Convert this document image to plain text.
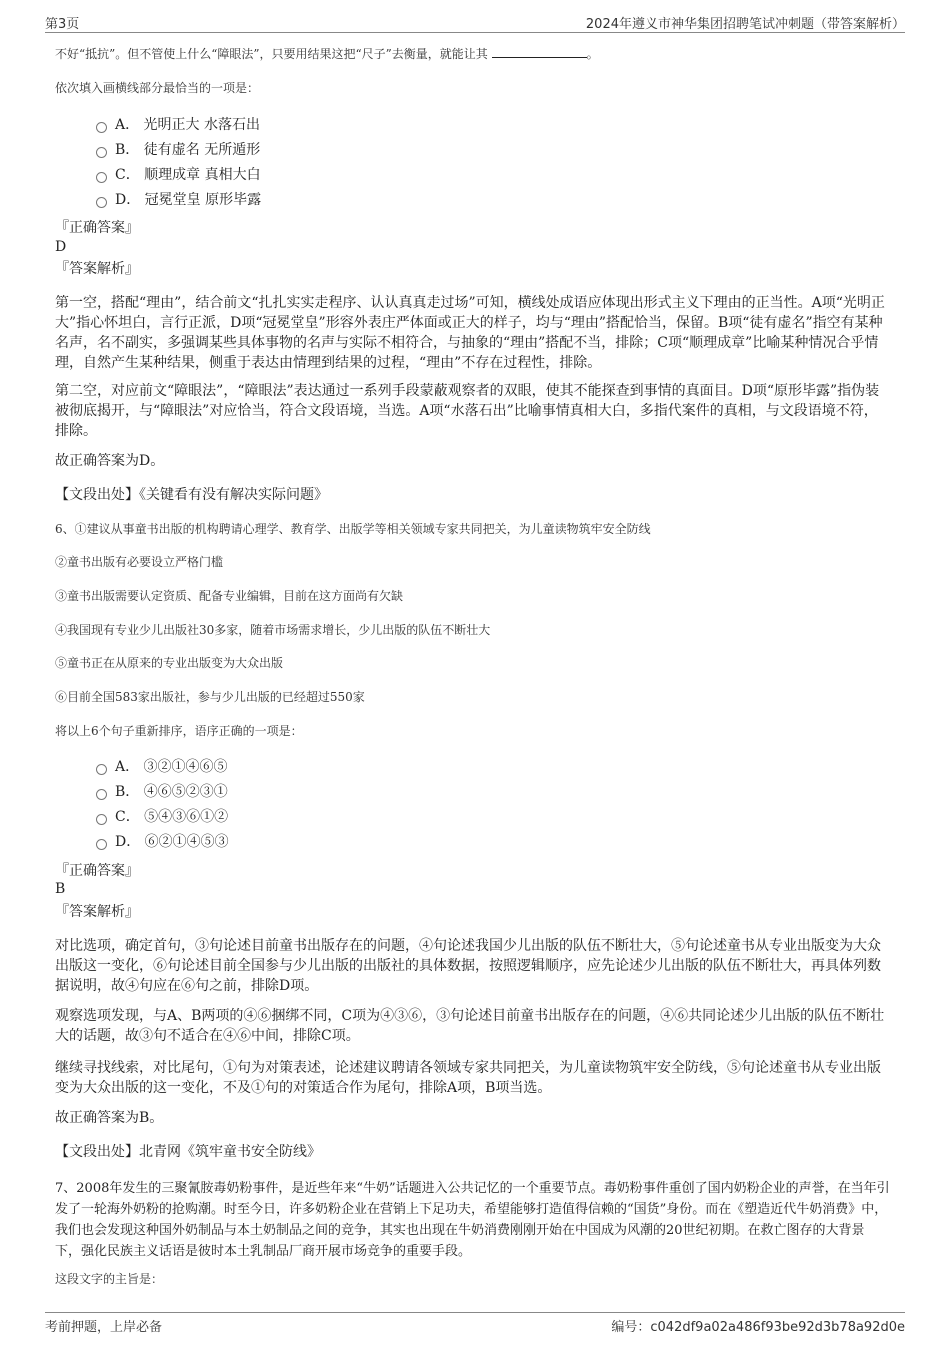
第3页	2024年遵义市神华集团招聘笔试冲刺题（带答案解析）
不好“抵抗”。但不管使上什么“障眼法”，只要用结果这把“尺子”去衡量，就能让其	。
依次填入画横线部分最恰当的一项是：
A． 光明正大 水落石出
B． 徒有虚名 无所遁形
C． 顺理成章 真相大白
D． 冠冕堂皇 原形毕露
『正确答案』
D
『答案解析』
第一空，搭配“理由”，结合前文“扎扎实实走程序、认认真真走过场”可知，横线处成语应体现出形式主义下理由的正当性。A项“光明正大”指心怀坦白，言行正派，D项“冠冕堂皇”形容外表庄严体面或正大的样子，均与“理由”搭配恰当，保留。B项“徒有虚名”指空有某种名声，名不副实，多强调某些具体事物的名声与实际不相符合，与抽象的“理由”搭配不当，排除；C项“顺理成章”比喻某种情况合乎情理，自然产生某种结果，侧重于表达由情理到结果的过程，“理由”不存在过程性，排除。
第二空，对应前文“障眼法”，“障眼法”表达通过一系列手段蒙蔽观察者的双眼，使其不能探查到事情的真面目。D项“原形毕露”指伪装被彻底揭开，与“障眼法”对应恰当，符合文段语境，当选。A项“水落石出”比喻事情真相大白，多指代案件的真相，与文段语境不符，排除。
故正确答案为D。
【文段出处】《关键看有没有解决实际问题》
6、①建议从事童书出版的机构聘请心理学、教育学、出版学等相关领域专家共同把关，为儿童读物筑牢安全防线
②童书出版有必要设立严格门槛
③童书出版需要认定资质、配备专业编辑，目前在这方面尚有欠缺
④我国现有专业少儿出版社30多家，随着市场需求增长，少儿出版的队伍不断壮大
⑤童书正在从原来的专业出版变为大众出版
⑥目前全国583家出版社，参与少儿出版的已经超过550家
将以上6个句子重新排序，语序正确的一项是：
A． ③②①④⑥⑤
B． ④⑥⑤②③①
C． ⑤④③⑥①②
D． ⑥②①④⑤③
『正确答案』
B
『答案解析』
对比选项，确定首句，③句论述目前童书出版存在的问题，④句论述我国少儿出版的队伍不断壮大，⑤句论述童书从专业出版变为大众出版这一变化，⑥句论述目前全国参与少儿出版的出版社的具体数据，按照逻辑顺序，应先论述少儿出版的队伍不断壮大，再具体列数据说明，故④句应在⑥句之前，排除D项。
观察选项发现，与A、B两项的④⑥捆绑不同，C项为④③⑥，③句论述目前童书出版存在的问题，④⑥共同论述少儿出版的队伍不断壮大的话题，故③句不适合在④⑥中间，排除C项。
继续寻找线索，对比尾句，①句为对策表述，论述建议聘请各领域专家共同把关，为儿童读物筑牢安全防线，⑤句论述童书从专业出版变为大众出版的这一变化，不及①句的对策适合作为尾句，排除A项，B项当选。
故正确答案为B。
【文段出处】北青网《筑牢童书安全防线》
7、2008年发生的三聚氰胺毒奶粉事件，是近些年来“牛奶”话题进入公共记忆的一个重要节点。毒奶粉事件重创了国内奶粉企业的声誉，在当年引发了一轮海外奶粉的抢购潮。时至今日，许多奶粉企业在营销上下足功夫，希望能够打造值得信赖的“国货”身份。而在《塑造近代牛奶消费》中，我们也会发现这种国外奶制品与本土奶制品之间的竞争，其实也出现在牛奶消费刚刚开始在中国成为风潮的20世纪初期。在救亡图存的大背景下，强化民族主义话语是彼时本土乳制品厂商开展市场竞争的重要手段。
这段文字的主旨是：
考前押题，上岸必备	编号：c042df9a02a486f93be92d3b78a92d0e
